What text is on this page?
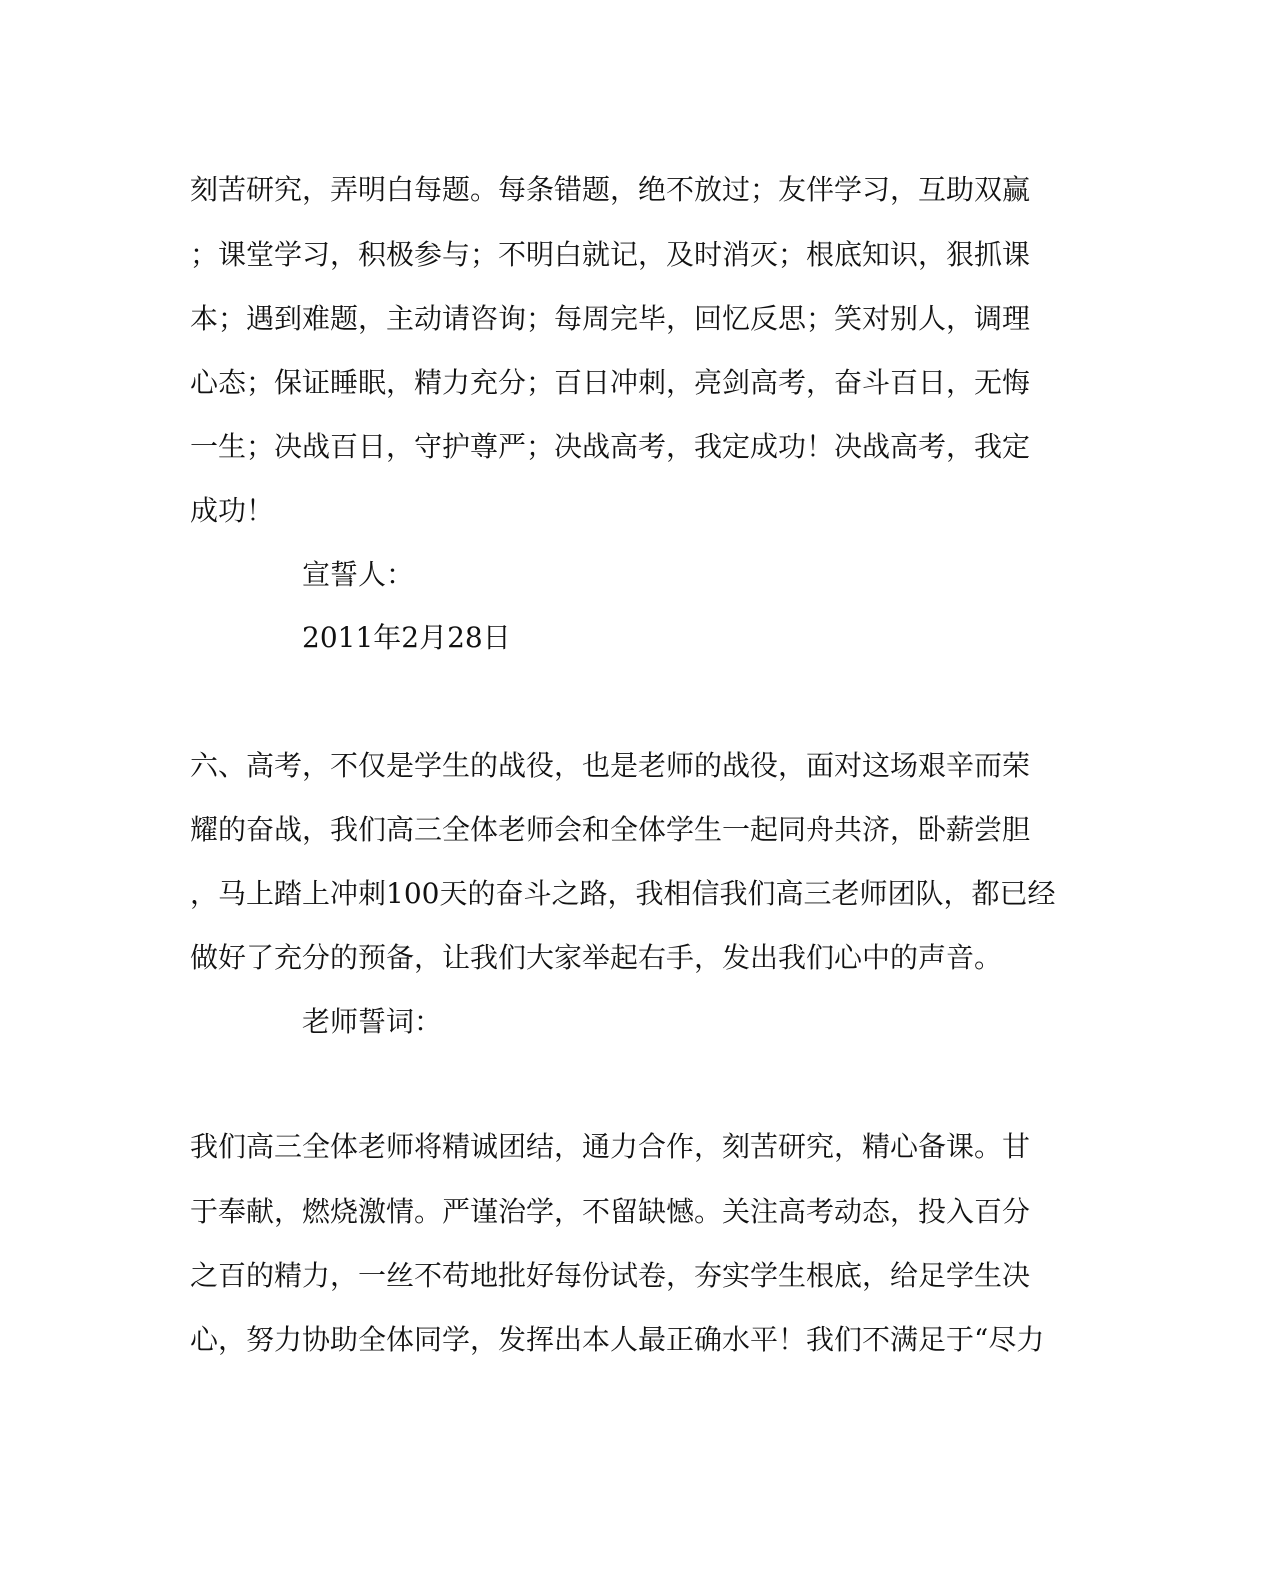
刻苦研究，弄明白每题。每条错题，绝不放过；友伴学习，互助双赢
；课堂学习，积极参与；不明白就记，及时消灭；根底知识，狠抓课
本；遇到难题，主动请咨询；每周完毕，回忆反思；笑对别人，调理
心态；保证睡眠，精力充分；百日冲刺，亮剑高考，奋斗百日，无悔
一生；决战百日，守护尊严；决战高考，我定成功！决战高考，我定
成功！
宣誓人：
2011年2月28日
六、高考，不仅是学生的战役，也是老师的战役，面对这场艰辛而荣
耀的奋战，我们高三全体老师会和全体学生一起同舟共济，卧薪尝胆
，马上踏上冲刺100天的奋斗之路，我相信我们高三老师团队，都已经
做好了充分的预备，让我们大家举起右手，发出我们心中的声音。
老师誓词：
我们高三全体老师将精诚团结，通力合作，刻苦研究，精心备课。甘
于奉献，燃烧激情。严谨治学，不留缺憾。关注高考动态，投入百分
之百的精力，一丝不苟地批好每份试卷，夯实学生根底，给足学生决
心，努力协助全体同学，发挥出本人最正确水平！我们不满足于“尽力
